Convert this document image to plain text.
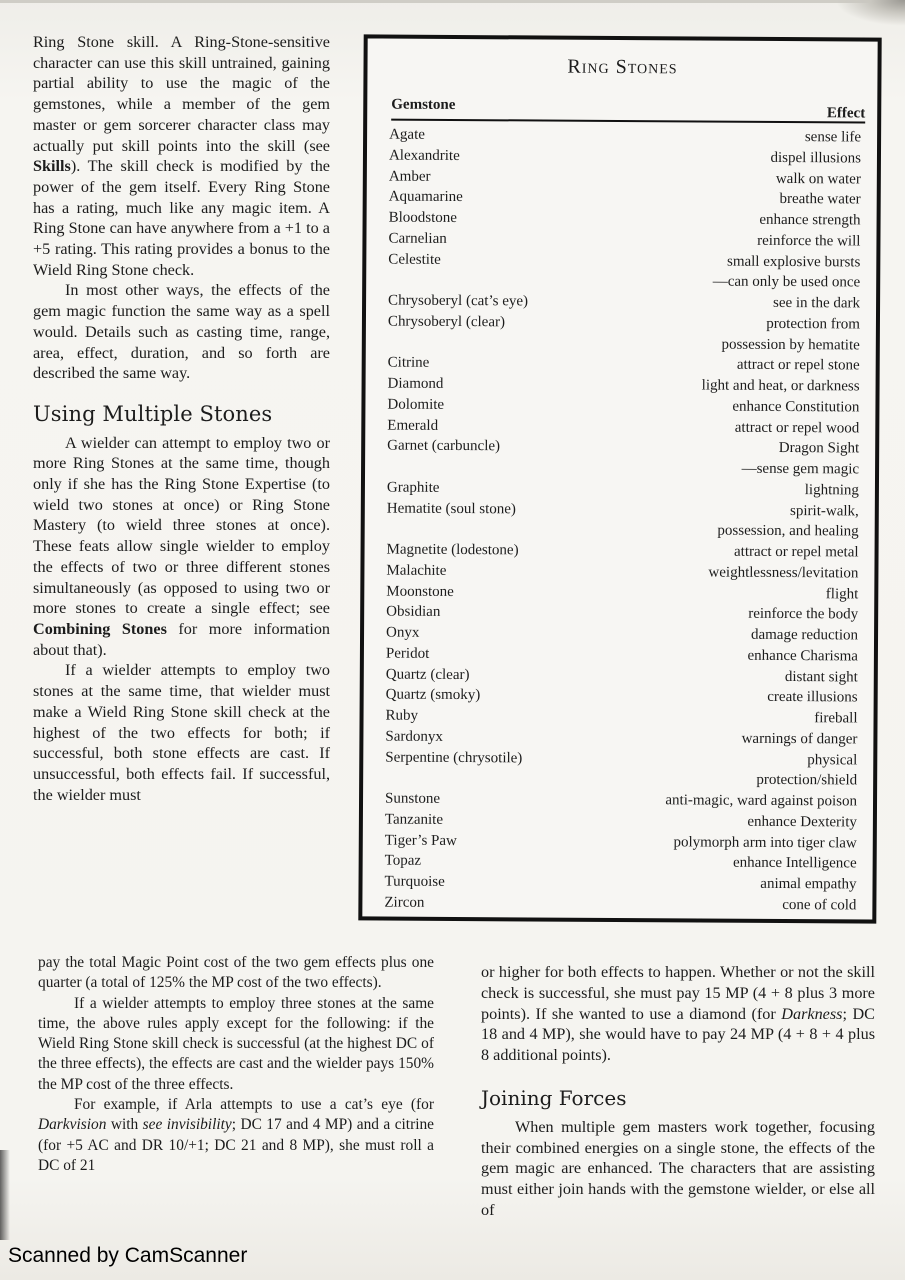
Ring Stone skill. A Ring-Stone-sensitive character can use this skill untrained, gaining partial ability to use the magic of the gemstones, while a member of the gem master or gem sorcerer character class may actually put skill points into the skill (see Skills). The skill check is modified by the power of the gem itself. Every Ring Stone has a rating, much like any magic item. A Ring Stone can have anywhere from a +1 to a +5 rating. This rating provides a bonus to the Wield Ring Stone check.

In most other ways, the effects of the gem magic function the same way as a spell would. Details such as casting time, range, area, effect, duration, and so forth are described the same way.

Using Multiple Stones

A wielder can attempt to employ two or more Ring Stones at the same time, though only if she has the Ring Stone Expertise (to wield two stones at once) or Ring Stone Mastery (to wield three stones at once). These feats allow single wielder to employ the effects of two or three different stones simultaneously (as opposed to using two or more stones to create a single effect; see Combining Stones for more information about that).

If a wielder attempts to employ two stones at the same time, that wielder must make a Wield Ring Stone skill check at the highest of the two effects for both; if successful, both stone effects are cast. If unsuccessful, both effects fail. If successful, the wielder must

Ring Stones
Gemstone
Effect
Agate	sense life
Alexandrite	dispel illusions
Amber	walk on water
Aquamarine	breathe water
Bloodstone	enhance strength
Carnelian	reinforce the will
Celestite	small explosive bursts
—can only be used once
Chrysoberyl (cat’s eye)	see in the dark
Chrysoberyl (clear)	protection from
possession by hematite
Citrine	attract or repel stone
Diamond	light and heat, or darkness
Dolomite	enhance Constitution
Emerald	attract or repel wood
Garnet (carbuncle)	Dragon Sight
—sense gem magic
Graphite	lightning
Hematite (soul stone)	spirit-walk,
possession, and healing
Magnetite (lodestone)	attract or repel metal
Malachite	weightlessness/levitation
Moonstone	flight
Obsidian	reinforce the body
Onyx	damage reduction
Peridot	enhance Charisma
Quartz (clear)	distant sight
Quartz (smoky)	create illusions
Ruby	fireball
Sardonyx	warnings of danger
Serpentine (chrysotile)	physical
protection/shield
Sunstone	anti-magic, ward against poison
Tanzanite	enhance Dexterity
Tiger’s Paw	polymorph arm into tiger claw
Topaz	enhance Intelligence
Turquoise	animal empathy
Zircon	cone of cold

pay the total Magic Point cost of the two gem effects plus one quarter (a total of 125% the MP cost of the two effects).

If a wielder attempts to employ three stones at the same time, the above rules apply except for the following: if the Wield Ring Stone skill check is successful (at the highest DC of the three effects), the effects are cast and the wielder pays 150% the MP cost of the three effects.

For example, if Arla attempts to use a cat’s eye (for Darkvision with see invisibility; DC 17 and 4 MP) and a citrine (for +5 AC and DR 10/+1; DC 21 and 8 MP), she must roll a DC of 21

or higher for both effects to happen. Whether or not the skill check is successful, she must pay 15 MP (4 + 8 plus 3 more points). If she wanted to use a diamond (for Darkness; DC 18 and 4 MP), she would have to pay 24 MP (4 + 8 + 4 plus 8 additional points).

Joining Forces

When multiple gem masters work together, focusing their combined energies on a single stone, the effects of the gem magic are enhanced. The characters that are assisting must either join hands with the gemstone wielder, or else all of

Scanned by CamScanner
